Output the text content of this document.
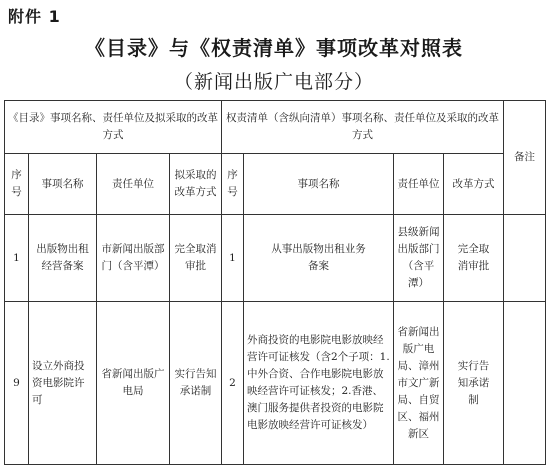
附件 1
《目录》与《权责清单》事项改革对照表
（新闻出版广电部分）
《目录》事项名称、责任单位及拟采取的改革方式				权责清单（含纵向清单）事项名称、责任单位及采取的改革方式				备注

序号	事项名称	责任单位	拟采取的改革方式	序号	事项名称	责任单位	改革方式	
1	出版物出租经营备案	市新闻出版部门（含平潭）	完全取消审批	1	从事出版物出租业务备案	县级新闻出版部门（含平潭）	完全取消审批	

9	设立外商投资电影院许可	省新闻出版广电局	实行告知承诺制	2	外商投资的电影院电影放映经营许可证核发（含2个子项：1.中外合资、合作电影院电影放映经营许可证核发；2.香港、澳门服务提供者投资的电影院电影放映经营许可证核发）	省新闻出版广电局、漳州市文广新局、自贸区、福州新区	实行告知承诺制	
